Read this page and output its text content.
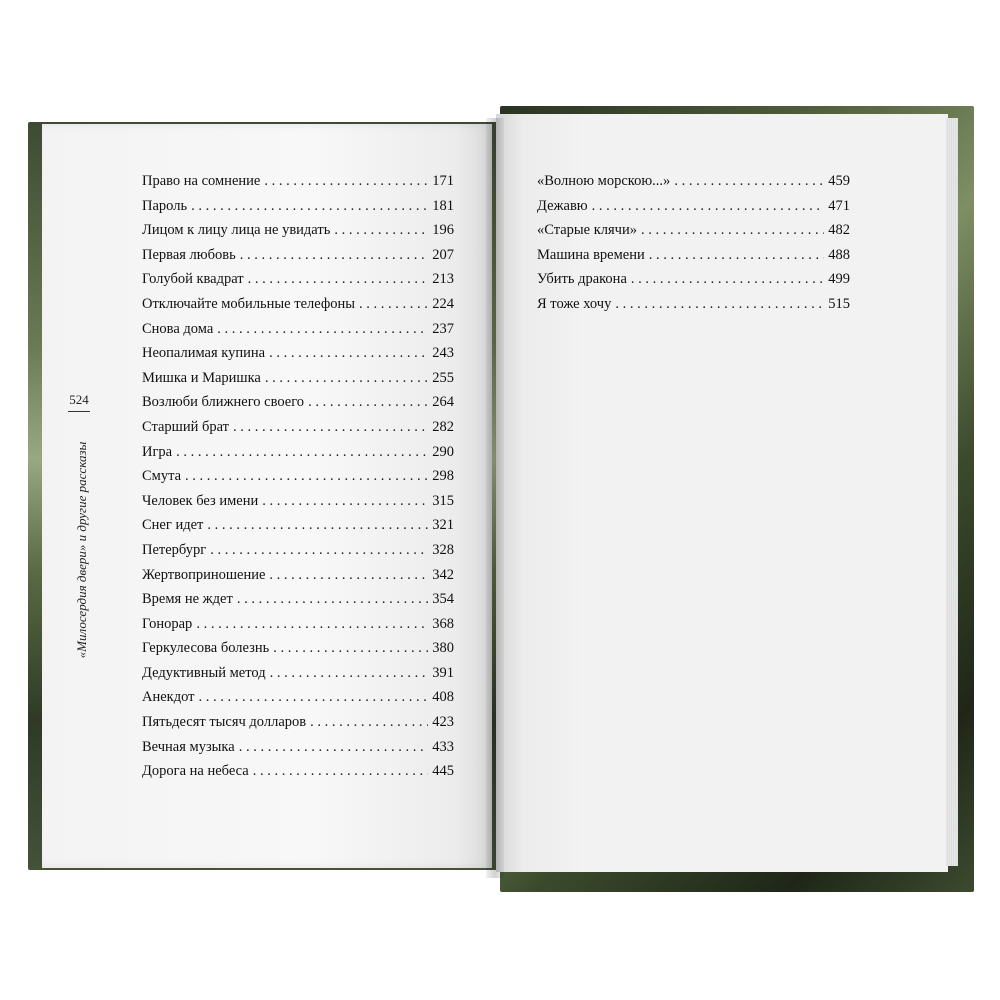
524
«Милосердия двери» и другие рассказы
Право на сомнение . . .	171
Пароль . . .	181
Лицом к лицу лица не увидать . . .	196
Первая любовь . . .	207
Голубой квадрат . . .	213
Отключайте мобильные телефоны . . .	224
Снова дома . . .	237
Неопалимая купина . . .	243
Мишка и Маришка . . .	255
Возлюби ближнего своего . . .	264
Старший брат . . .	282
Игра . . .	290
Смута . . .	298
Человек без имени . . .	315
Снег идет . . .	321
Петербург . . .	328
Жертвоприношение . . .	342
Время не ждет . . .	354
Гонорар . . .	368
Геркулесова болезнь . . .	380
Дедуктивный метод . . .	391
Анекдот . . .	408
Пятьдесят тысяч долларов . . .	423
Вечная музыка . . .	433
Дорога на небеса . . .	445
«Волною морскою...» . . .	459
Дежавю . . .	471
«Старые клячи» . . .	482
Машина времени . . .	488
Убить дракона . . .	499
Я тоже хочу . . .	515
